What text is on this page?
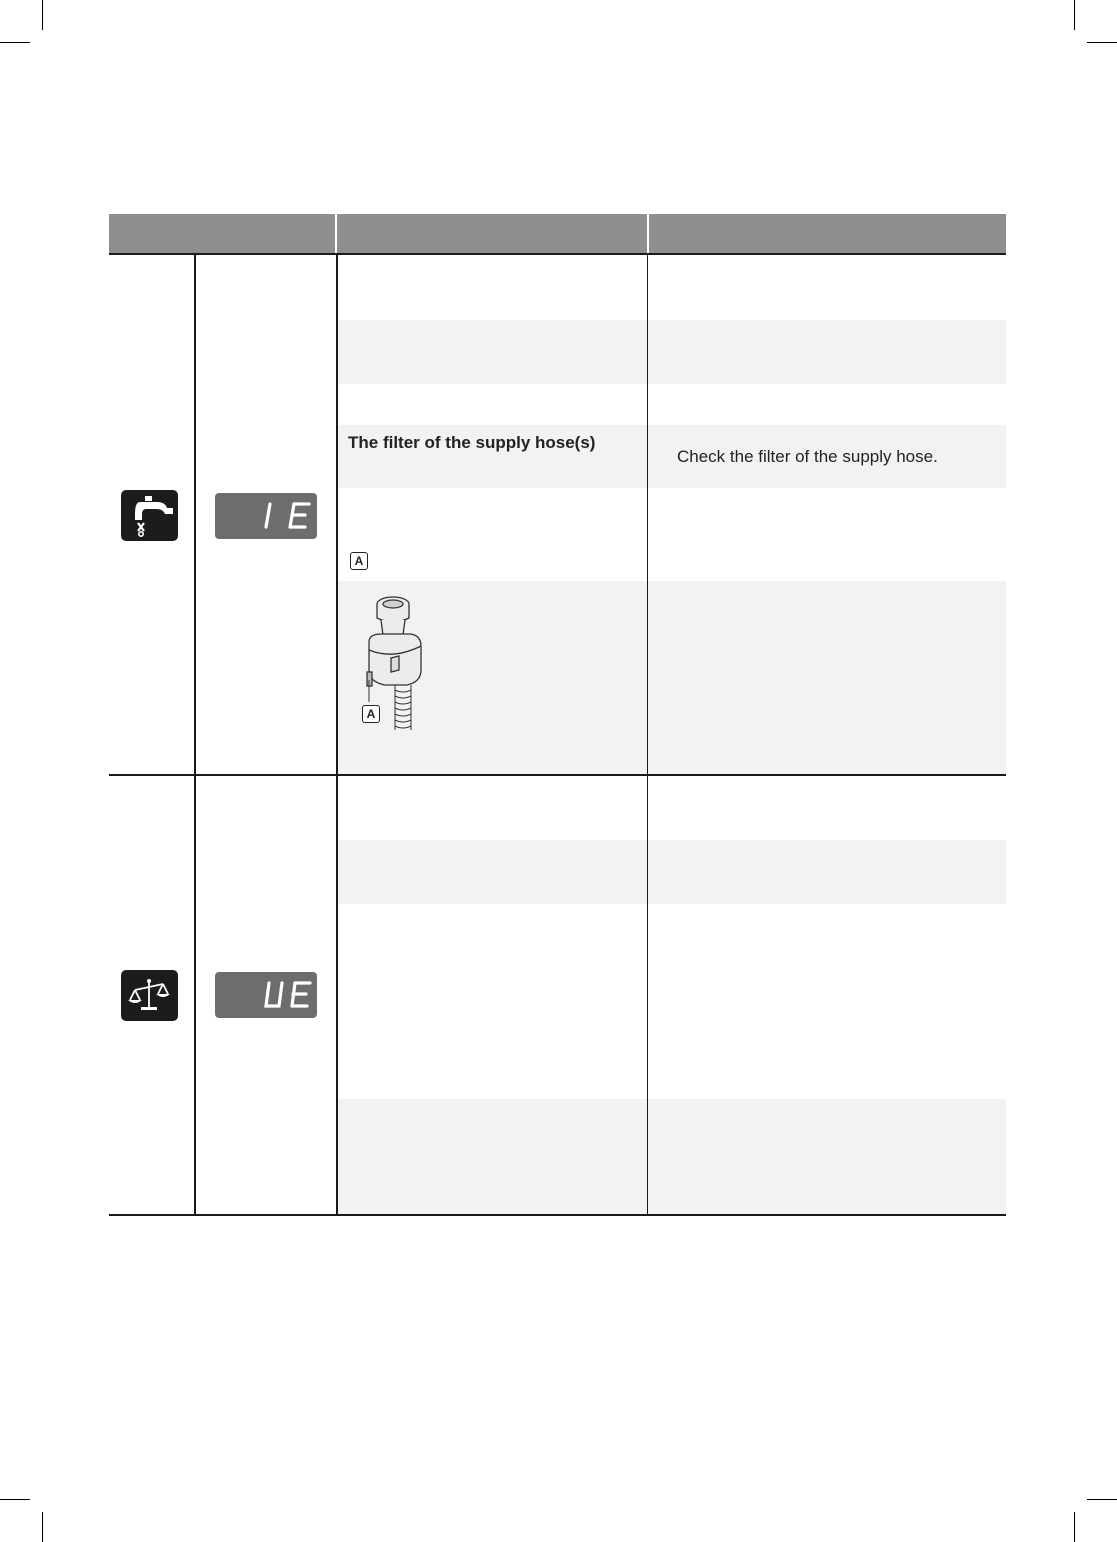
The filter of the supply hose(s)
Check the filter of the supply hose.
A
A
